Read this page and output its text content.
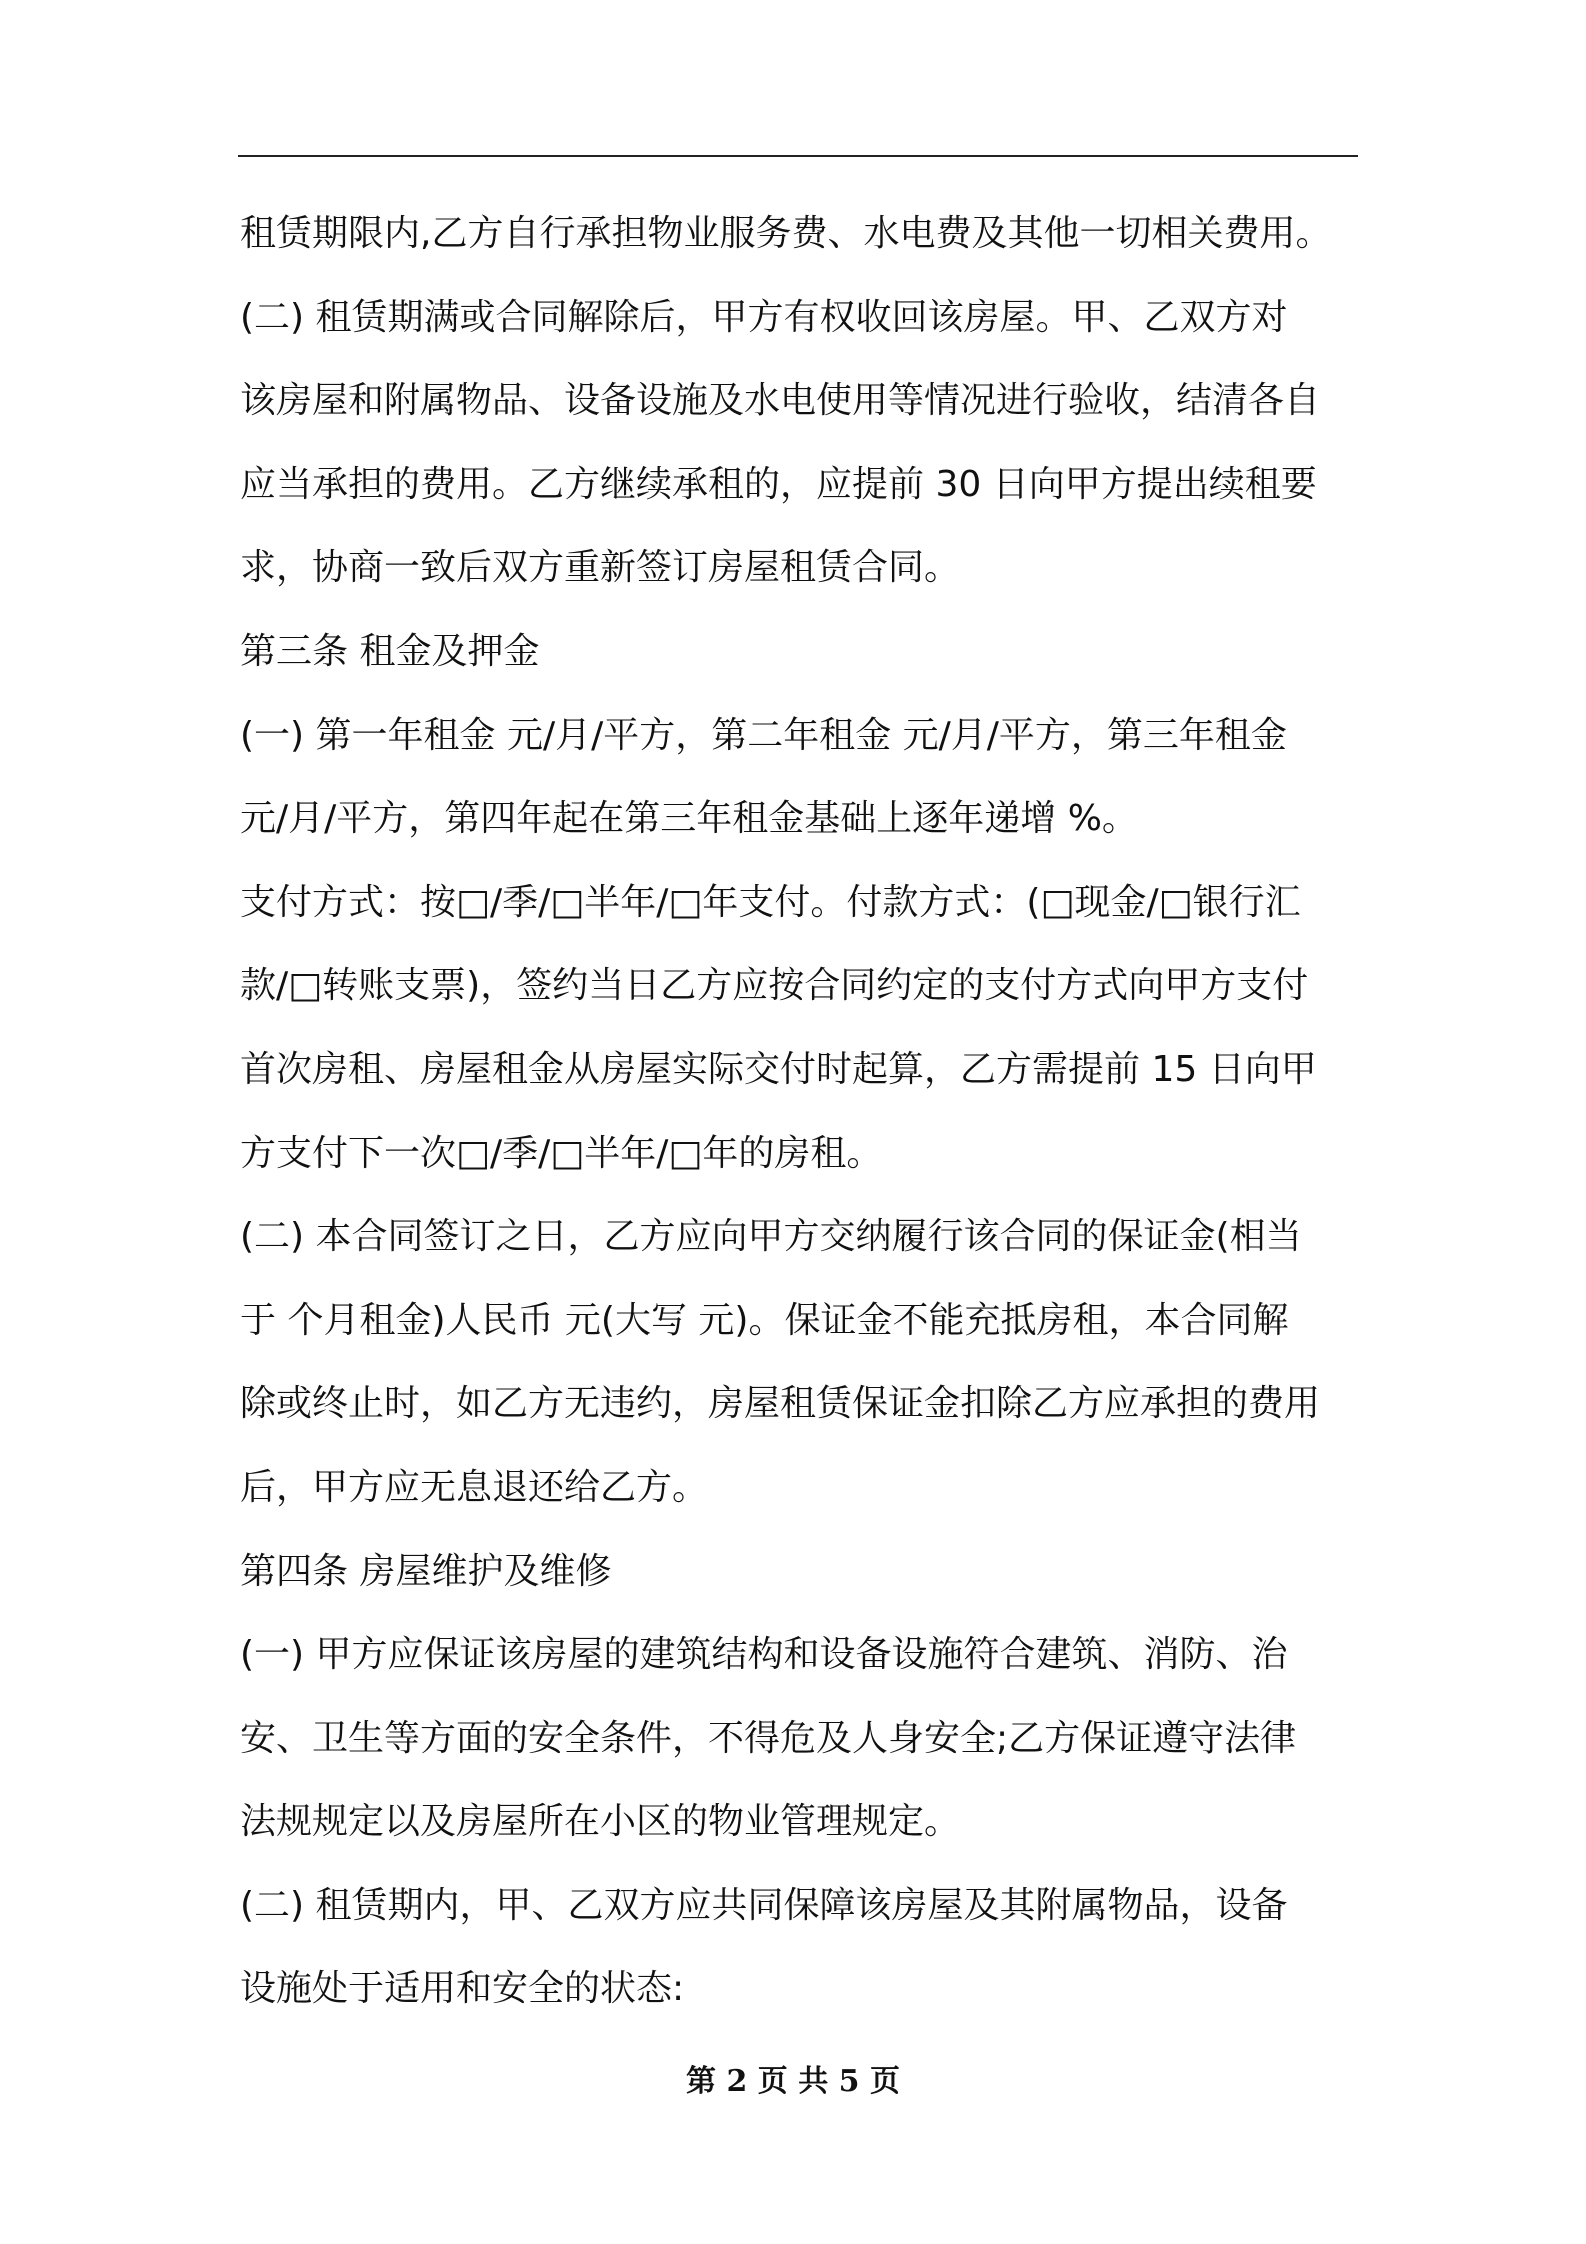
租赁期限内,乙方自行承担物业服务费、水电费及其他一切相关费用。
(二) 租赁期满或合同解除后，甲方有权收回该房屋。甲、乙双方对
该房屋和附属物品、设备设施及水电使用等情况进行验收，结清各自
应当承担的费用。乙方继续承租的，应提前 30 日向甲方提出续租要
求，协商一致后双方重新签订房屋租赁合同。
第三条 租金及押金
(一) 第一年租金 元/月/平方，第二年租金 元/月/平方，第三年租金
元/月/平方，第四年起在第三年租金基础上逐年递增 %。
支付方式：按□/季/□半年/□年支付。付款方式：(□现金/□银行汇
款/□转账支票)，签约当日乙方应按合同约定的支付方式向甲方支付
首次房租、房屋租金从房屋实际交付时起算，乙方需提前 15 日向甲
方支付下一次□/季/□半年/□年的房租。
(二) 本合同签订之日，乙方应向甲方交纳履行该合同的保证金(相当
于 个月租金)人民币 元(大写 元)。保证金不能充抵房租，本合同解
除或终止时，如乙方无违约，房屋租赁保证金扣除乙方应承担的费用
后，甲方应无息退还给乙方。
第四条 房屋维护及维修
(一) 甲方应保证该房屋的建筑结构和设备设施符合建筑、消防、治
安、卫生等方面的安全条件，不得危及人身安全;乙方保证遵守法律
法规规定以及房屋所在小区的物业管理规定。
(二) 租赁期内，甲、乙双方应共同保障该房屋及其附属物品，设备
设施处于适用和安全的状态:
第 2 页 共 5 页
